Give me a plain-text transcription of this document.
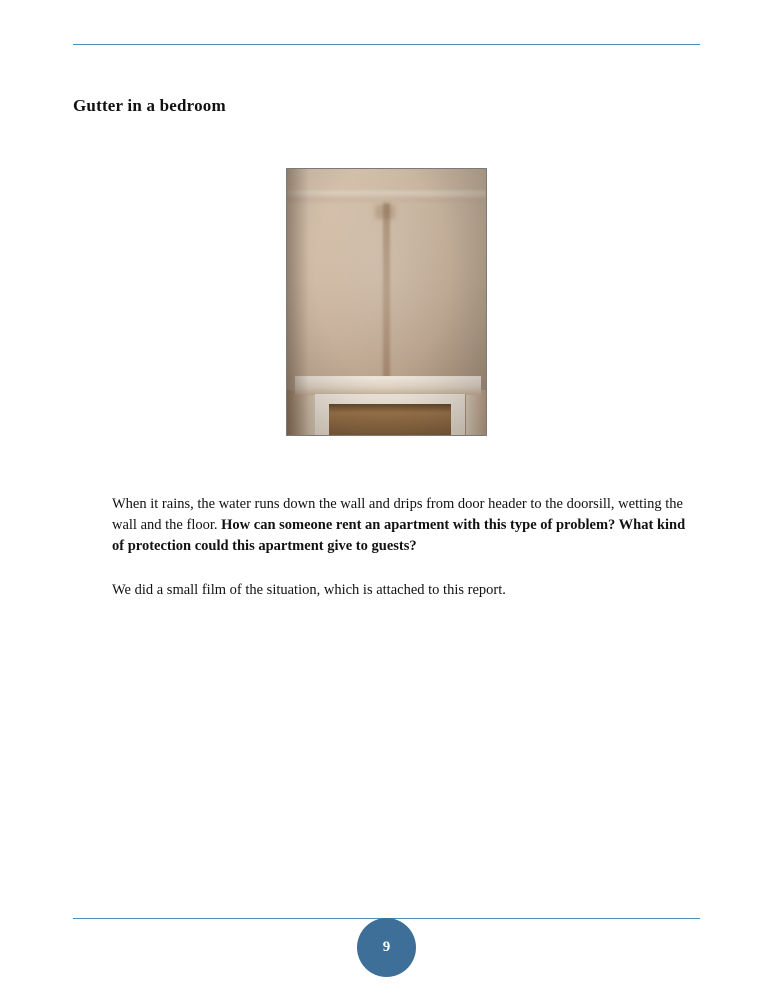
Gutter in a bedroom
When it rains, the water runs down the wall and drips from door header to the doorsill, wetting the wall and the floor. How can someone rent an apartment with this type of problem? What kind of protection could this apartment give to guests?
We did a small film of the situation, which is attached to this report.
9
